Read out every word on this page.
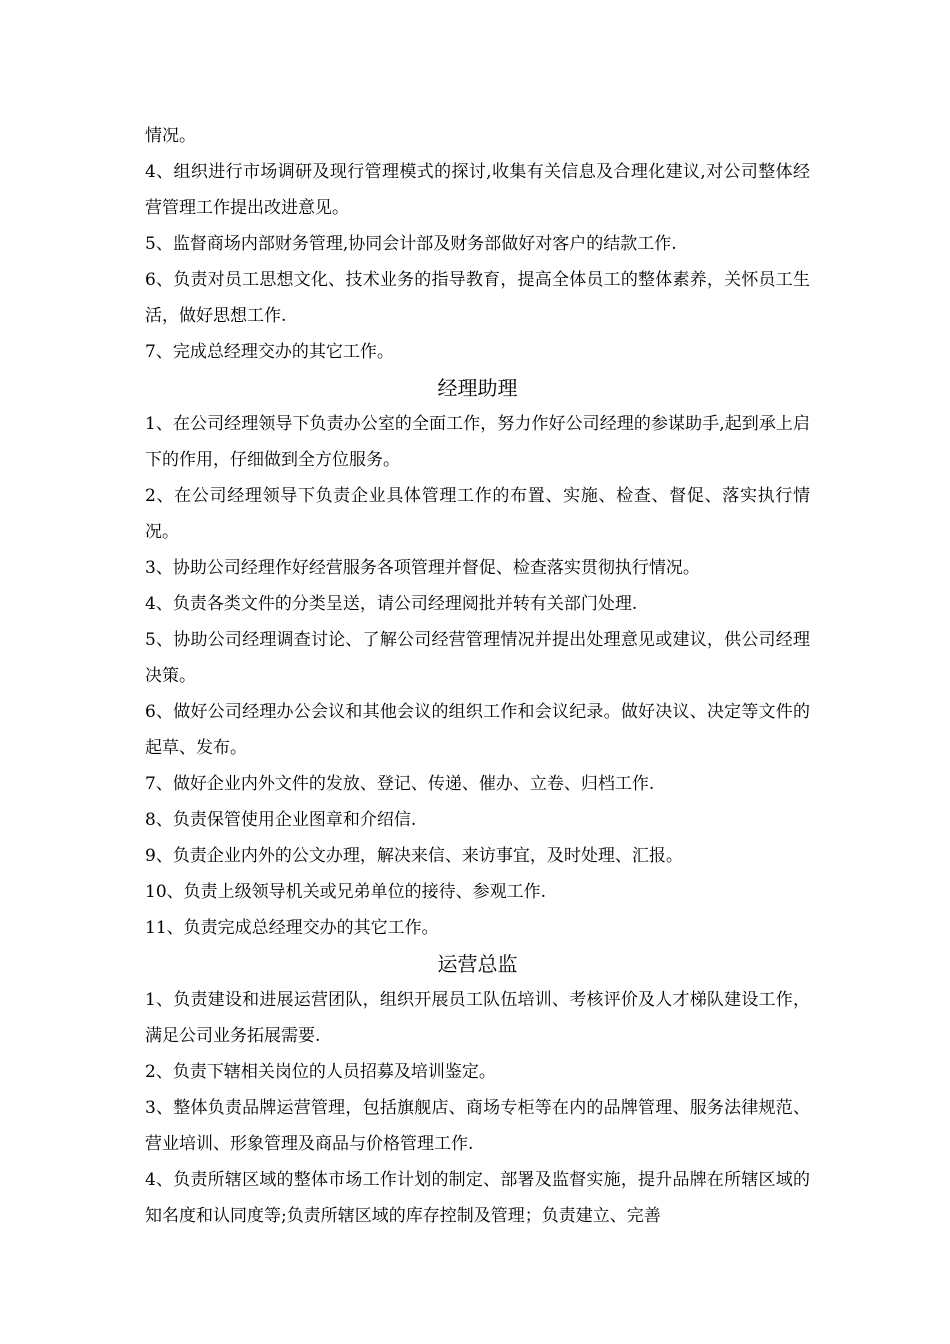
情况。

4、组织进行市场调研及现行管理模式的探讨,收集有关信息及合理化建议,对公司整体经营管理工作提出改进意见。

5、监督商场内部财务管理,协同会计部及财务部做好对客户的结款工作.

6、负责对员工思想文化、技术业务的指导教育，提高全体员工的整体素养，关怀员工生活，做好思想工作.

7、完成总经理交办的其它工作。

经理助理

1、在公司经理领导下负责办公室的全面工作，努力作好公司经理的参谋助手,起到承上启下的作用，仔细做到全方位服务。

2、在公司经理领导下负责企业具体管理工作的布置、实施、检查、督促、落实执行情况。

3、协助公司经理作好经营服务各项管理并督促、检查落实贯彻执行情况。

4、负责各类文件的分类呈送，请公司经理阅批并转有关部门处理.

5、协助公司经理调查讨论、了解公司经营管理情况并提出处理意见或建议，供公司经理决策。

6、做好公司经理办公会议和其他会议的组织工作和会议纪录。做好决议、决定等文件的起草、发布。

7、做好企业内外文件的发放、登记、传递、催办、立卷、归档工作.

8、负责保管使用企业图章和介绍信.

9、负责企业内外的公文办理，解决来信、来访事宜，及时处理、汇报。

10、负责上级领导机关或兄弟单位的接待、参观工作.

11、负责完成总经理交办的其它工作。

运营总监

1、负责建设和进展运营团队，组织开展员工队伍培训、考核评价及人才梯队建设工作，满足公司业务拓展需要.

2、负责下辖相关岗位的人员招募及培训鉴定。

3、整体负责品牌运营管理，包括旗舰店、商场专柜等在内的品牌管理、服务法律规范、营业培训、形象管理及商品与价格管理工作.

4、负责所辖区域的整体市场工作计划的制定、部署及监督实施，提升品牌在所辖区域的知名度和认同度等;负责所辖区域的库存控制及管理；负责建立、完善
